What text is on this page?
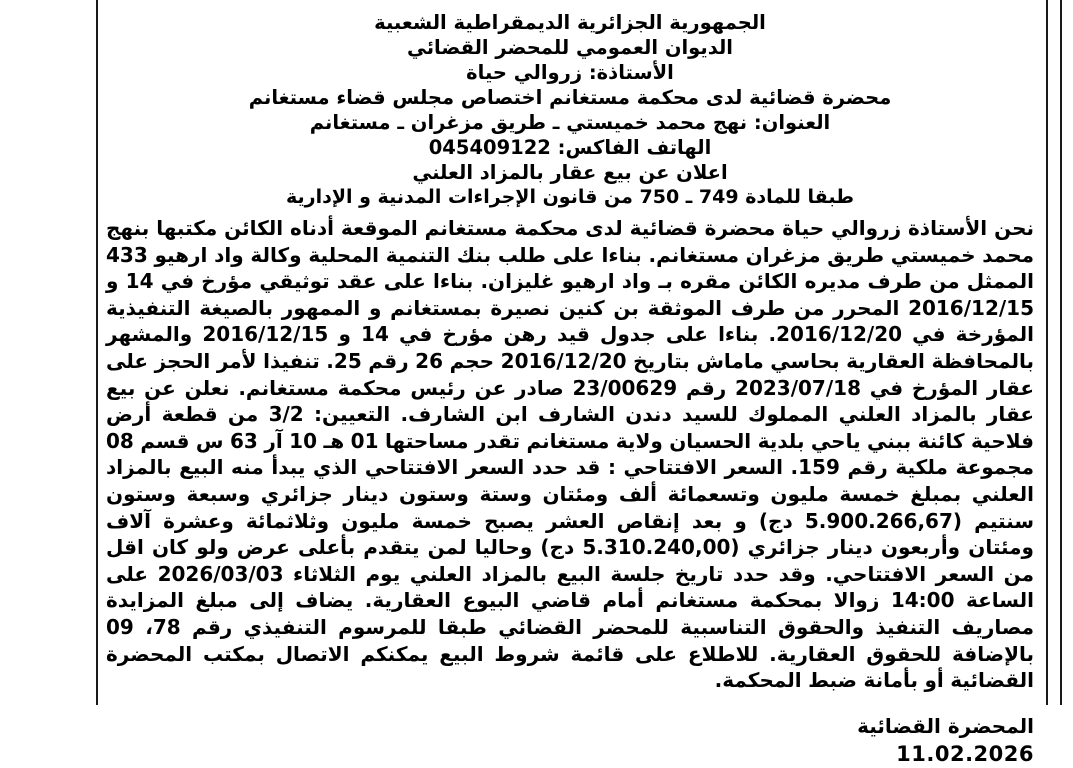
الجمهورية الجزائرية الديمقراطية الشعبية
الديوان العمومي للمحضر القضائي
الأستاذة: زروالي حياة
محضرة قضائية لدى محكمة مستغانم اختصاص مجلس قضاء مستغانم
العنوان: نهج محمد خميستي ـ طريق مزغران ـ مستغانم
الهاتف الفاكس: 045409122
اعلان عن بيع عقار بالمزاد العلني
طبقا للمادة 749 ـ 750 من قانون الإجراءات المدنية و الإدارية

نحن الأستاذة زروالي حياة محضرة قضائية لدى محكمة مستغانم الموقعة أدناه الكائن مكتبها بنهج محمد خميستي طريق مزغران مستغانم. بناءا على طلب بنك التنمية المحلية وكالة واد ارهيو 433 الممثل من طرف مديره الكائن مقره بـ واد ارهيو غليزان. بناءا على عقد توثيقي مؤرخ في 14 و 2016/12/15 المحرر من طرف الموثقة بن كنين نصيرة بمستغانم و الممهور بالصيغة التنفيذية المؤرخة في 2016/12/20. بناءا على جدول قيد رهن مؤرخ في 14 و 2016/12/15 والمشهر بالمحافظة العقارية بحاسي ماماش بتاريخ 2016/12/20 حجم 26 رقم 25. تنفيذا لأمر الحجز على عقار المؤرخ في 2023/07/18 رقم 23/00629 صادر عن رئيس محكمة مستغانم. نعلن عن بيع عقار بالمزاد العلني المملوك للسيد دندن الشارف ابن الشارف. التعيين: 3/2 من قطعة أرض فلاحية كائنة ببني ياحي بلدية الحسيان ولاية مستغانم تقدر مساحتها 01 هـ 10 آر 63 س قسم 08 مجموعة ملكية رقم 159. السعر الافتتاحي : قد حدد السعر الافتتاحي الذي يبدأ منه البيع بالمزاد العلني بمبلغ خمسة مليون وتسعمائة ألف ومئتان وستة وستون دينار جزائري وسبعة وستون سنتيم (5.900.266,67 دج) و بعد إنقاص العشر يصبح خمسة مليون وثلاثمائة وعشرة آلاف ومئتان وأربعون دينار جزائري (5.310.240,00 دج) وحاليا لمن يتقدم بأعلى عرض ولو كان اقل من السعر الافتتاحي. وقد حدد تاريخ جلسة البيع بالمزاد العلني يوم الثلاثاء 2026/03/03 على الساعة 14:00 زوالا بمحكمة مستغانم أمام قاضي البيوع العقارية. يضاف إلى مبلغ المزايدة مصاريف التنفيذ والحقوق التناسبية للمحضر القضائي طبقا للمرسوم التنفيذي رقم 78، 09 بالإضافة للحقوق العقارية. للاطلاع على قائمة شروط البيع يمكنكم الاتصال بمكتب المحضرة القضائية أو بأمانة ضبط المحكمة.

المحضرة القضائية
11.02.2026
